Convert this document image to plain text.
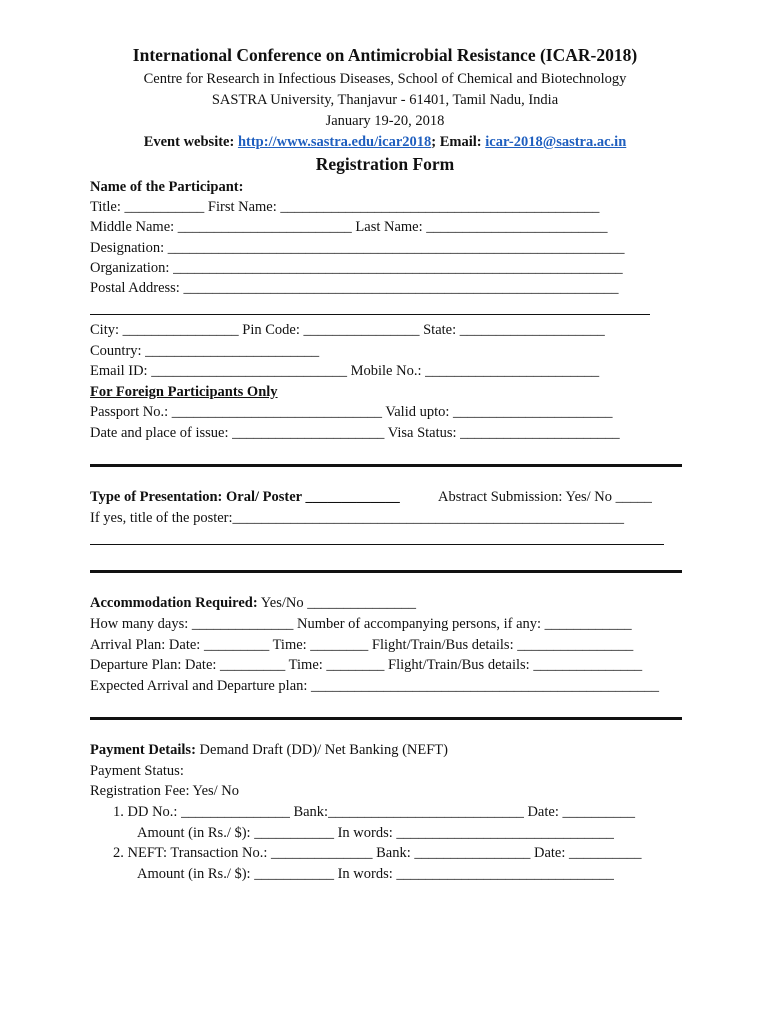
International Conference on Antimicrobial Resistance (ICAR-2018)
Centre for Research in Infectious Diseases, School of Chemical and Biotechnology
SASTRA University, Thanjavur - 61401, Tamil Nadu, India
January 19-20, 2018
Event website: http://www.sastra.edu/icar2018; Email: icar-2018@sastra.ac.in
Registration Form
Name of the Participant:
Title: ___________ First Name: ____________________________________________
Middle Name: ________________________ Last Name: _________________________
Designation: _______________________________________________________________
Organization: ______________________________________________________________
Postal Address: ____________________________________________________________
City: ________________ Pin Code: ________________ State: ____________________
Country: ________________________
Email ID: ___________________________ Mobile No.: ________________________
For Foreign Participants Only
Passport No.: _____________________________ Valid upto: ______________________
Date and place of issue: _____________________ Visa Status: ______________________
Type of Presentation: Oral/ Poster _____________	Abstract Submission: Yes/ No _____
If yes, title of the poster:______________________________________________________
Accommodation Required: Yes/No _______________
How many days: ______________ Number of accompanying persons, if any: ____________
Arrival Plan: Date: _________ Time: ________ Flight/Train/Bus details: ________________
Departure Plan: Date: _________ Time: ________ Flight/Train/Bus details: _______________
Expected Arrival and Departure plan: ________________________________________________
Payment Details: Demand Draft (DD)/ Net Banking (NEFT)
Payment Status:
Registration Fee: Yes/ No
1. DD No.: _______________ Bank:___________________________ Date: __________
Amount (in Rs./ $): ___________ In words: ______________________________
2. NEFT: Transaction No.: ______________ Bank: ________________ Date: __________
Amount (in Rs./ $): ___________ In words: ______________________________
